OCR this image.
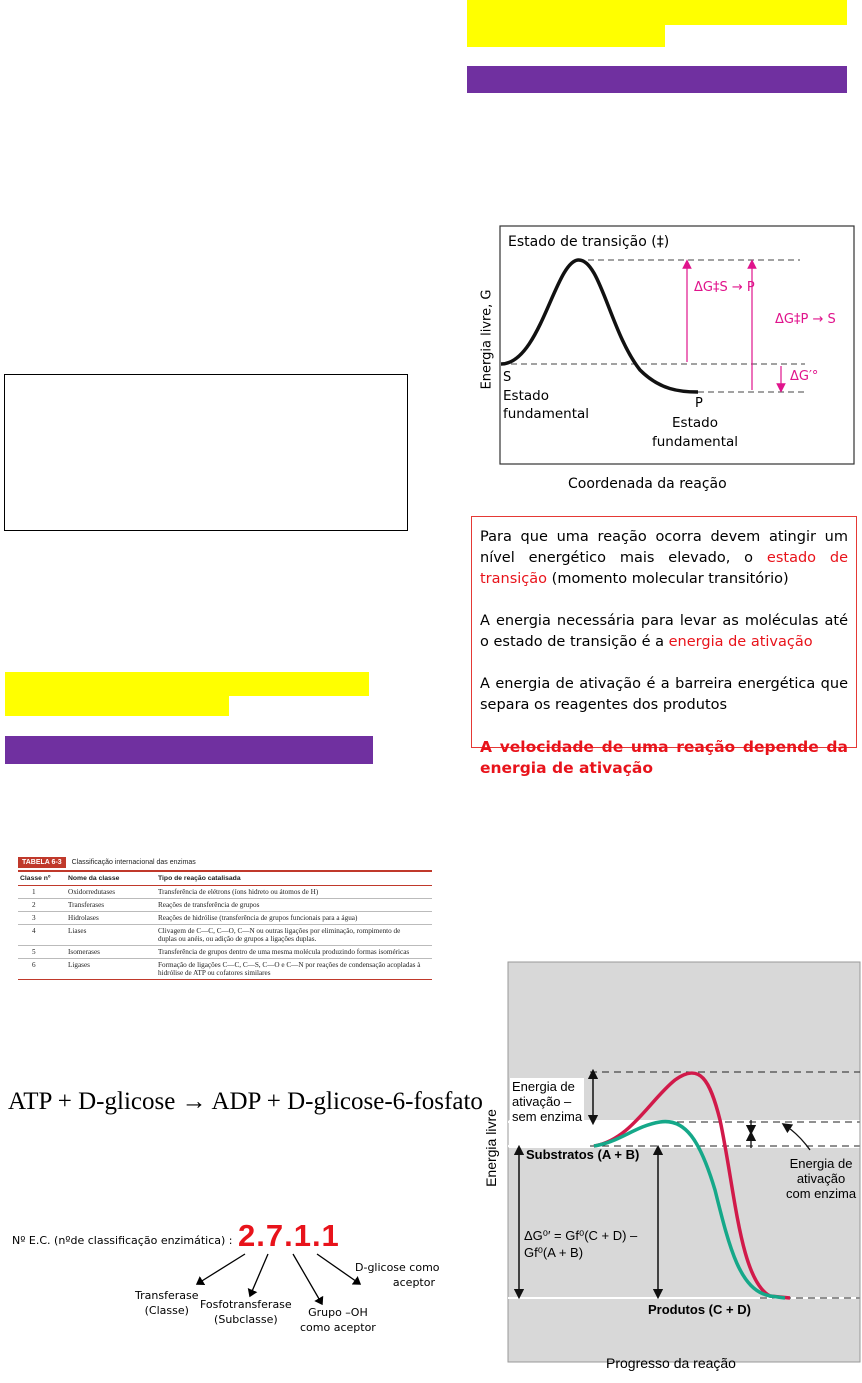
TABELA 6-3	Classificação internacional das enzimas
Classe nº	Nome da classe	Tipo de reação catalisada
1	Oxidorredutases	Transferência de elétrons (íons hidreto ou átomos de H)
2	Transferases	Reações de transferência de grupos
3	Hidrolases	Reações de hidrólise (transferência de grupos funcionais para a água)
4	Liases	Clivagem de C—C, C—O, C—N ou outras ligações por eliminação, rompimento de
duplas ou anéis, ou adição de grupos a ligações duplas.
5	Isomerases	Transferência de grupos dentro de uma mesma molécula produzindo formas isoméricas
6	Ligases	Formação de ligações C—C, C—S, C—O e C—N por reações de condensação acopladas à
hidrólise de ATP ou cofatores similares
ATP + D-glicose → ADP + D-glicose-6-fosfato
Nº E.C. (nºde classificação enzimática) : 2.7.1.1
Transferase
(Classe)	Fosfotransferase
(Subclasse)
Grupo –OH
como aceptor
D-glicose como
aceptor
Estado de transição (‡)
Energia livre, G S
Estado
fundamental
P
Estado
fundamental
ΔG‡S → P
ΔG‡P → S
ΔG′°
Coordenada da reação

Para que uma reação ocorra devem atingir um nível energético mais elevado, o estado de transição (momento molecular transitório)

A energia necessária para levar as moléculas até o estado de transição é a energia de ativação

A energia de ativação é a barreira energética que separa os reagentes dos produtos

A velocidade de uma reação depende da energia de ativação

Energia de
ativação –
sem enzima
Energia de
ativação
com enzima
Substratos (A + B)
Produtos (C + D)
ΔG⁰′ = Gf⁰(C + D) –
Gf⁰(A + B)
Energia livre
Progresso da reação
